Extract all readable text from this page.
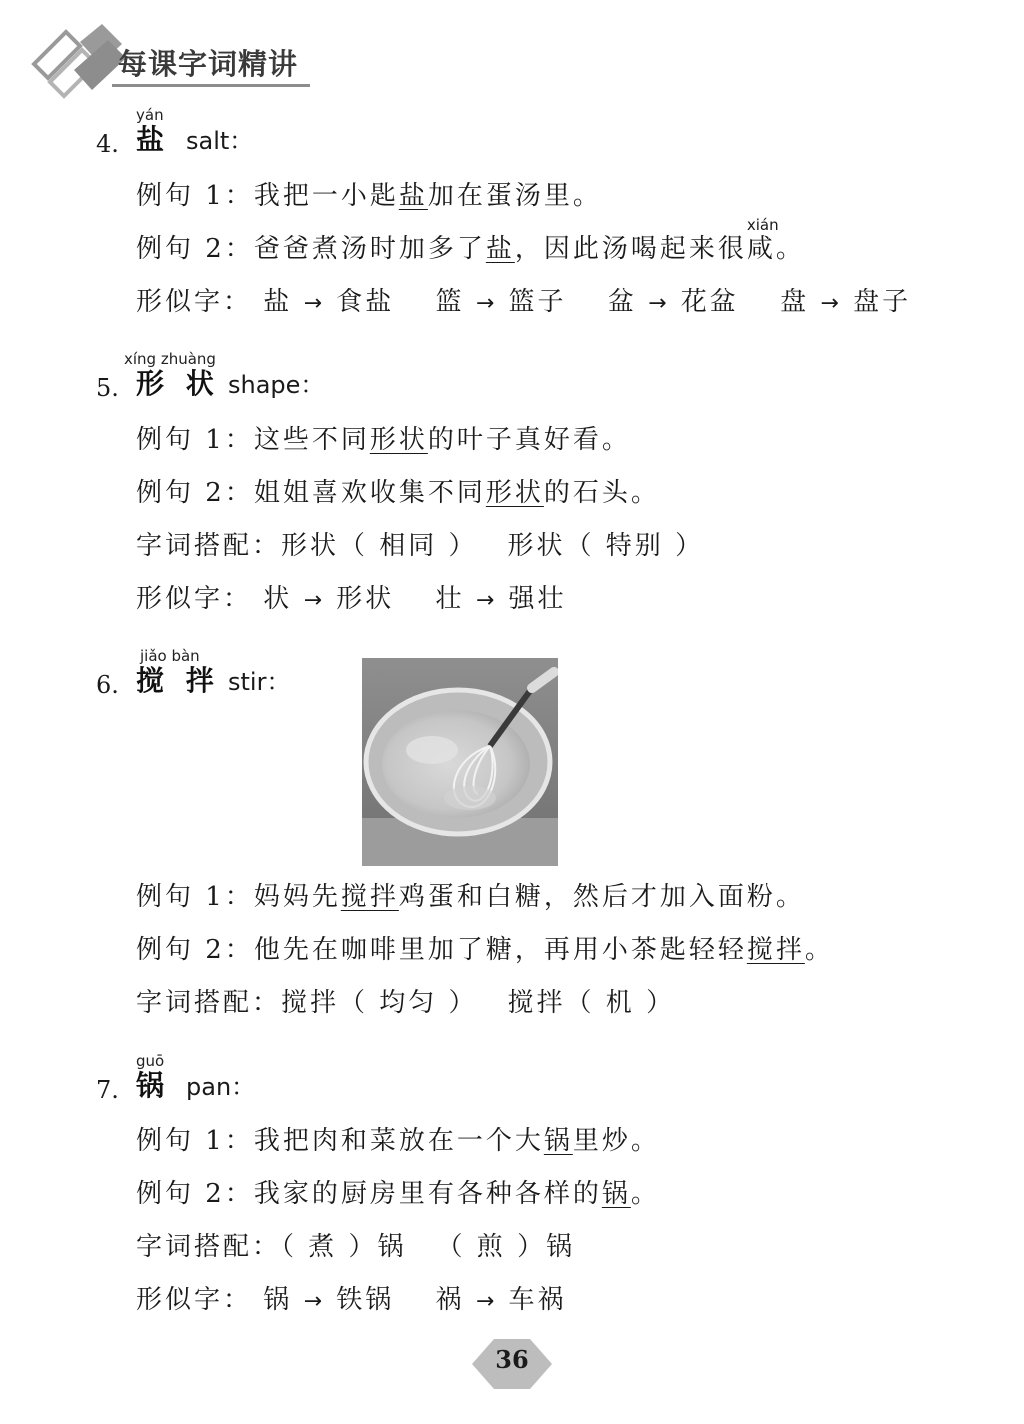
每课字词精讲
4.
yán
盐 salt：
例句 1：我把一小匙盐加在蛋汤里。
例句 2：爸爸煮汤时加多了盐，因此汤喝起来很
xián
咸。
形似字： 盐 → 食盐 篮 → 篮子 盆 → 花盆 盘 → 盘子
5.
xíng zhuàng
形 状 shape：
例句 1：这些不同形状的叶子真好看。
例句 2：姐姐喜欢收集不同形状的石头。
字词搭配：形状（ 相同 ） 形状（ 特别 ）
形似字： 状 → 形状 壮 → 强壮
6.
jiǎo bàn
搅 拌 stir：
例句 1：妈妈先搅拌鸡蛋和白糖，然后才加入面粉。
例句 2：他先在咖啡里加了糖，再用小茶匙轻轻搅拌。
字词搭配：搅拌（ 均匀 ） 搅拌（ 机 ）
7.
guō
锅 pan：
例句 1：我把肉和菜放在一个大锅里炒。
例句 2：我家的厨房里有各种各样的锅。
字词搭配：（ 煮 ）锅 （ 煎 ）锅
形似字： 锅 → 铁锅 祸 → 车祸
36
